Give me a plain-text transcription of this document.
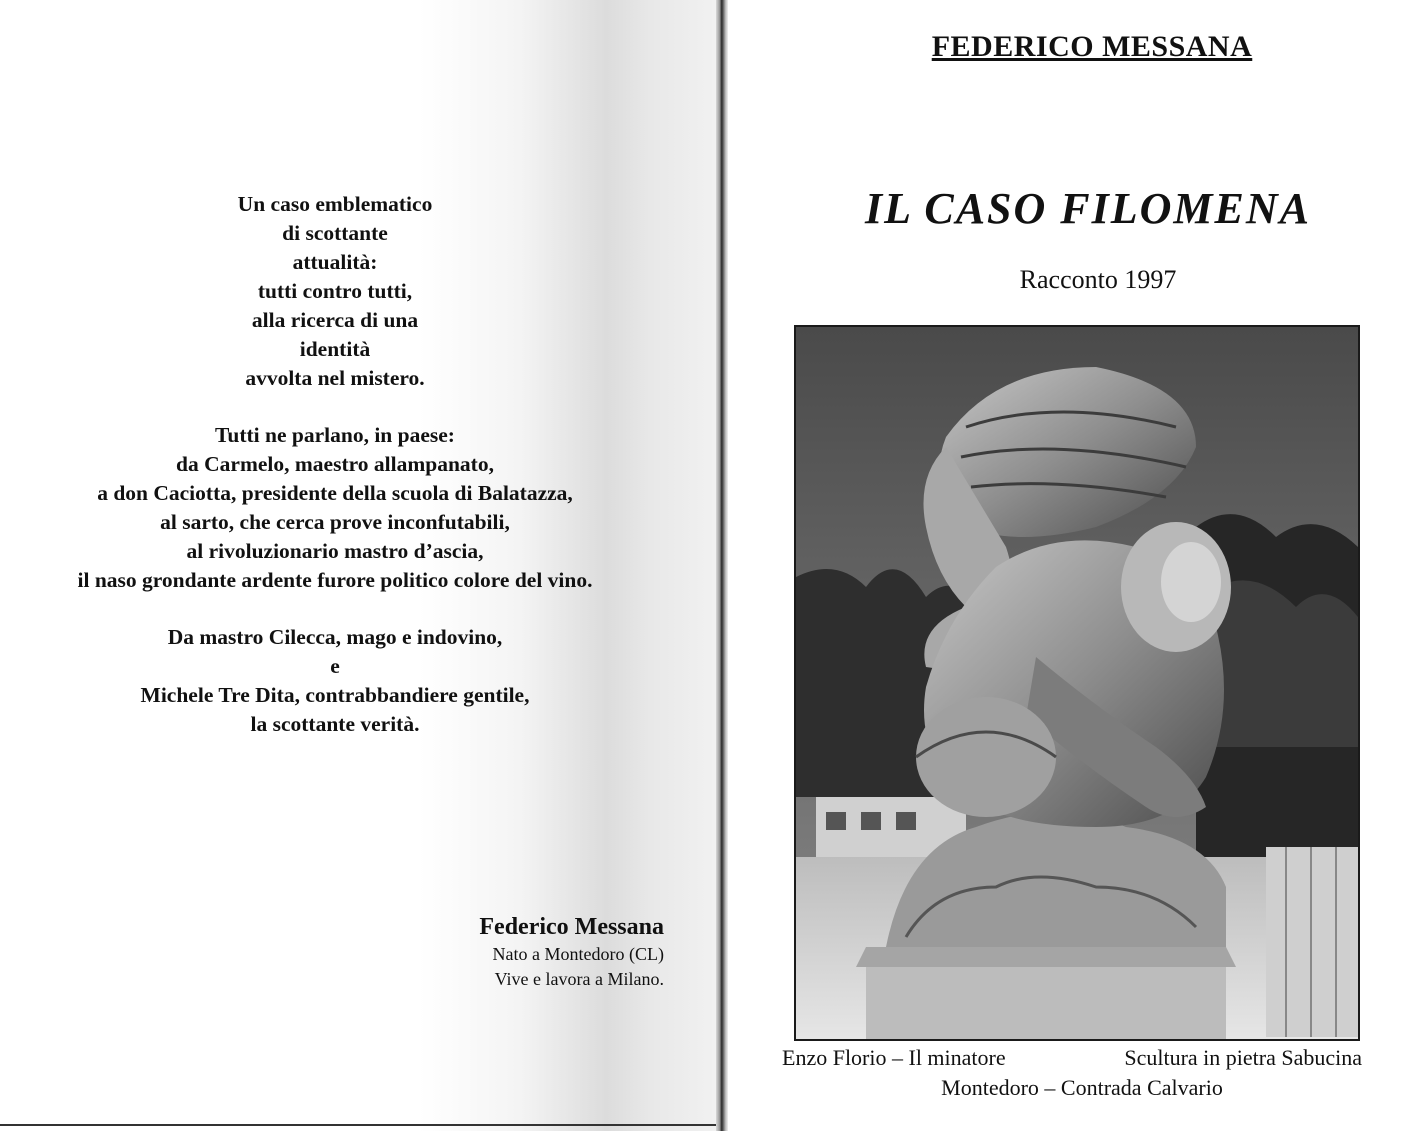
Un caso emblematico
di scottante
attualità:
tutti contro tutti,
alla ricerca di una
identità
avvolta nel mistero.
Tutti ne parlano, in paese:
da Carmelo, maestro allampanato,
a don Caciotta, presidente della scuola di Balatazza,
al sarto, che cerca prove inconfutabili,
al rivoluzionario mastro d’ascia,
il naso grondante ardente furore politico colore del vino.
Da mastro Cilecca, mago e indovino,
e
Michele Tre Dita, contrabbandiere gentile,
la scottante verità.
Federico Messana
Nato a Montedoro (CL)
Vive e lavora a Milano.
FEDERICO MESSANA
IL CASO FILOMENA
Racconto 1997
Enzo Florio – Il minatore	Scultura in pietra Sabucina
Montedoro – Contrada Calvario
